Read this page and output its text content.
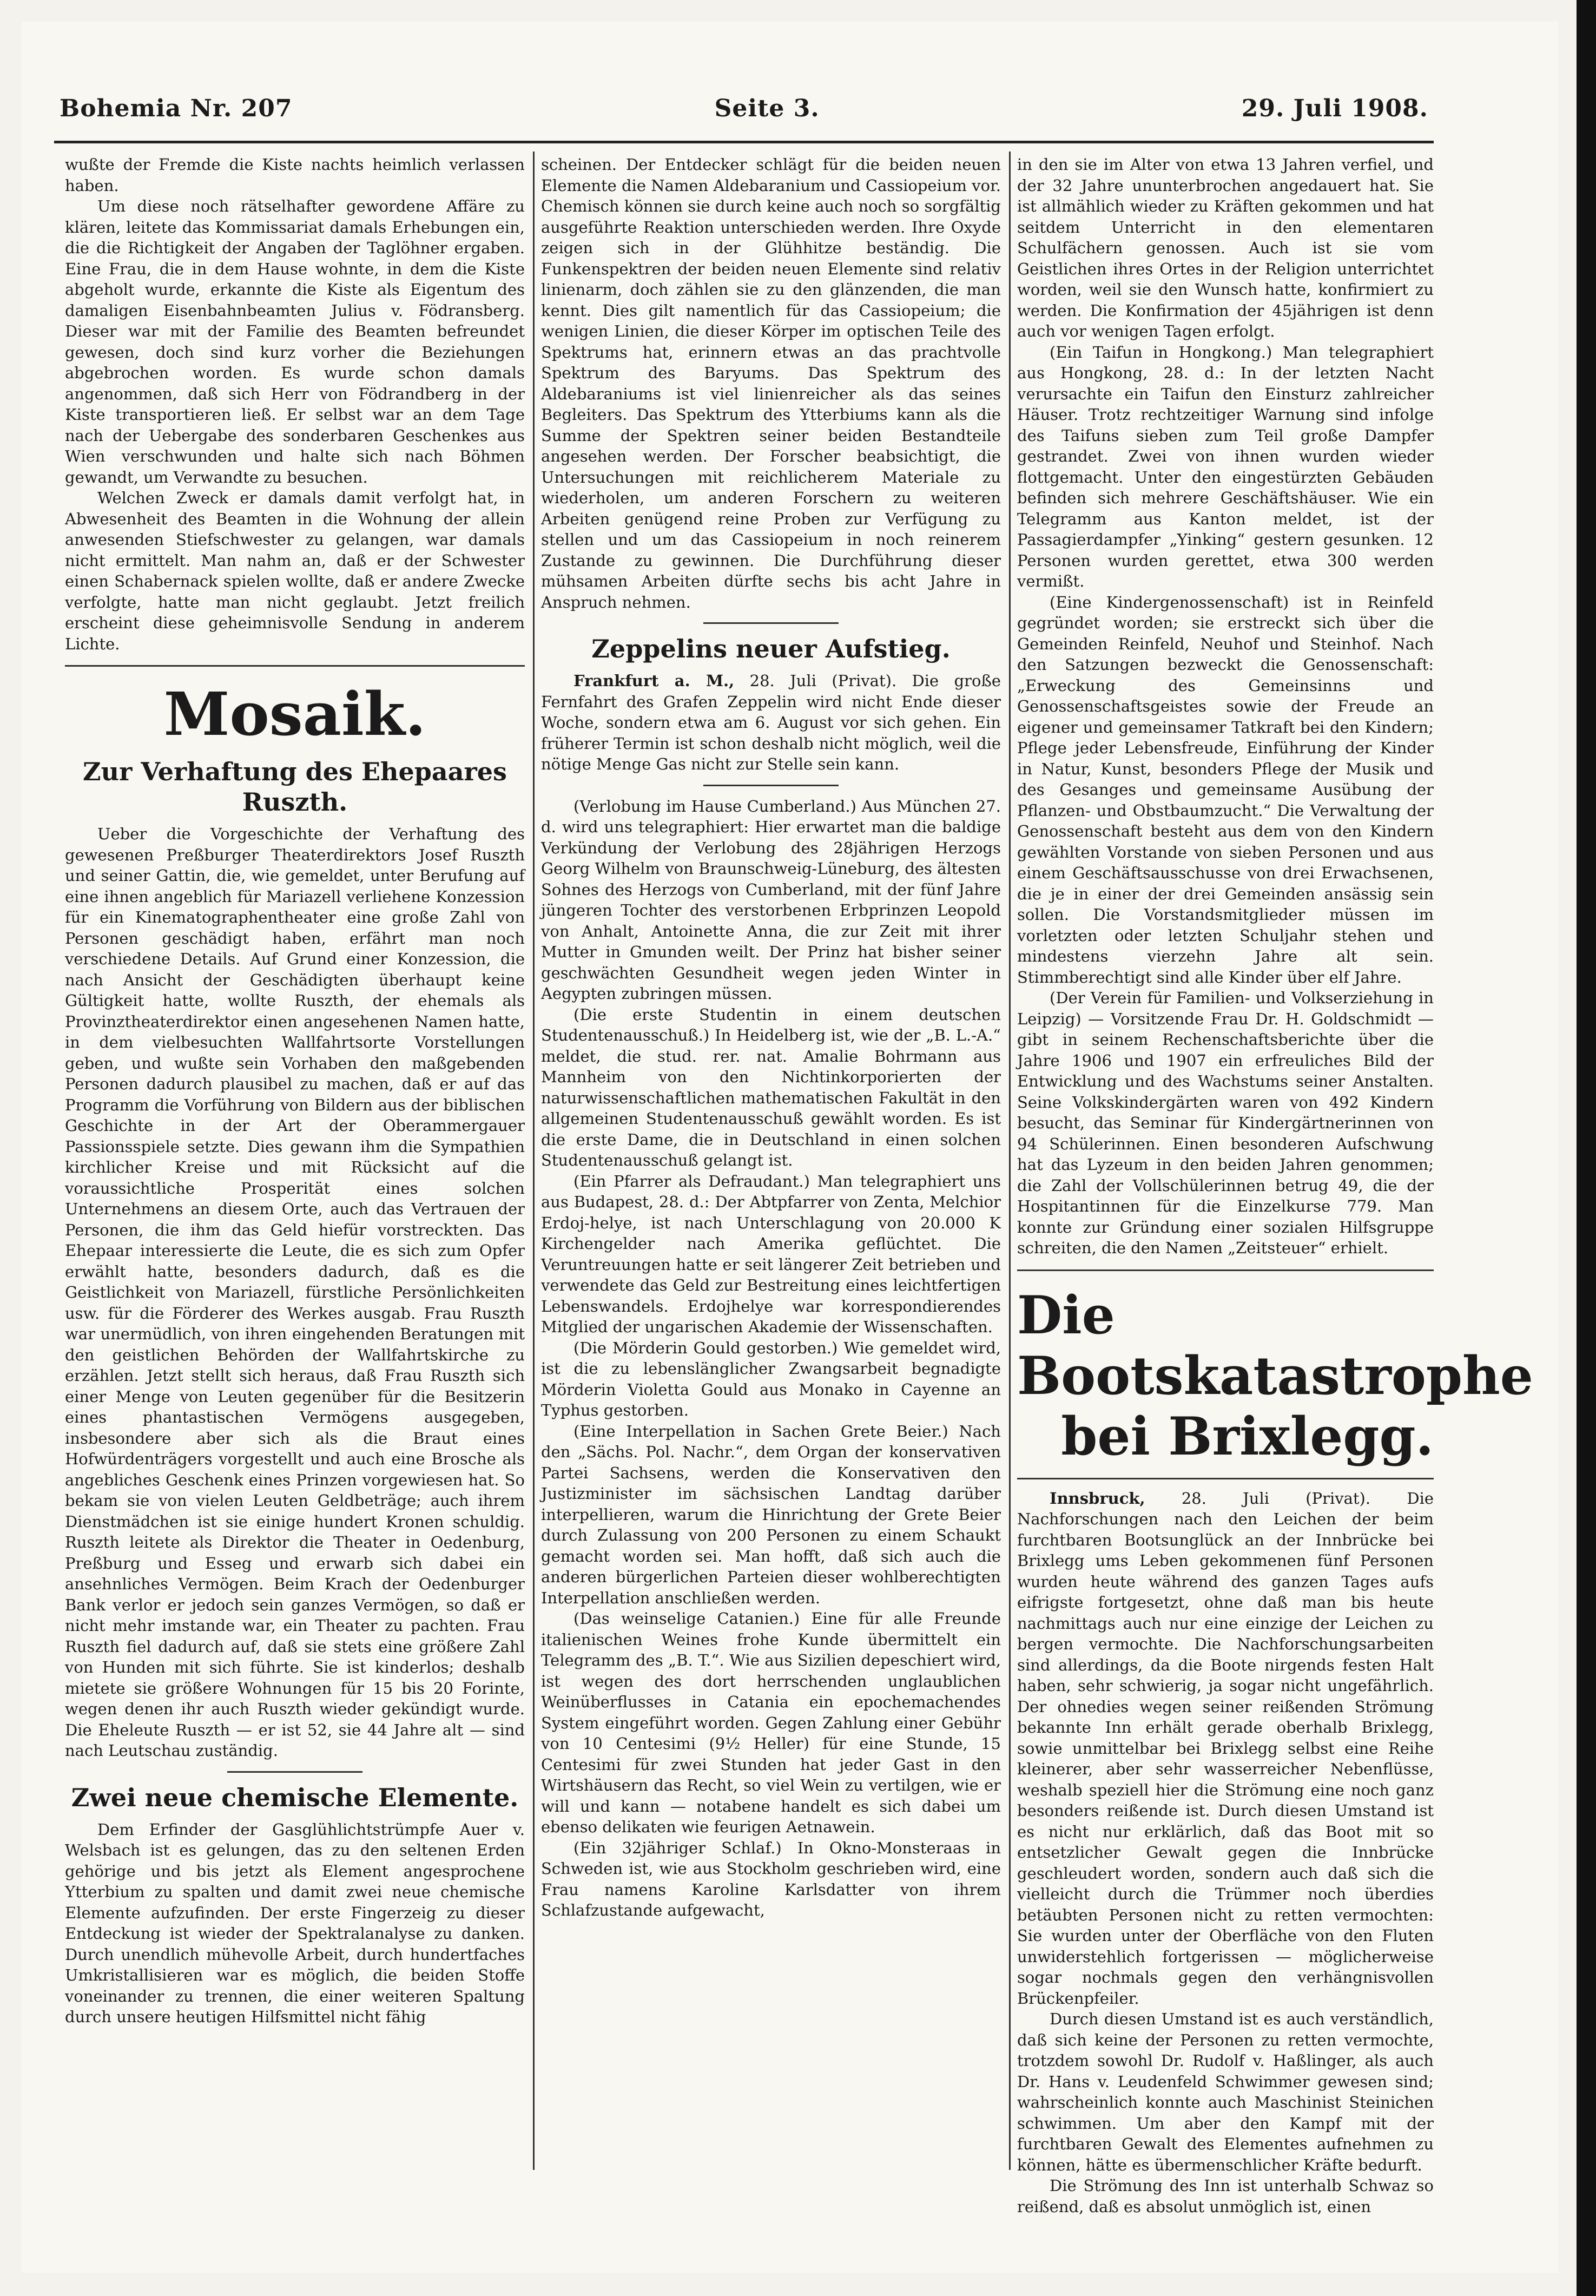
Bohemia Nr. 207	Seite 3.	29. Juli 1908.

wußte der Fremde die Kiste nachts heimlich verlassen haben.

Um diese noch rätselhafter gewordene Affäre zu klären, leitete das Kommissariat damals Erhebungen ein, die die Richtigkeit der Angaben der Taglöhner ergaben. Eine Frau, die in dem Hause wohnte, in dem die Kiste abgeholt wurde, erkannte die Kiste als Eigentum des damaligen Eisenbahnbeamten Julius v. Födransberg. Dieser war mit der Familie des Beamten befreundet gewesen, doch sind kurz vorher die Beziehungen abgebrochen worden. Es wurde schon damals angenommen, daß sich Herr von Födrandberg in der Kiste transportieren ließ. Er selbst war an dem Tage nach der Uebergabe des sonderbaren Geschenkes aus Wien verschwunden und halte sich nach Böhmen gewandt, um Verwandte zu besuchen.

Welchen Zweck er damals damit verfolgt hat, in Abwesenheit des Beamten in die Wohnung der allein anwesenden Stiefschwester zu gelangen, war damals nicht ermittelt. Man nahm an, daß er der Schwester einen Schabernack spielen wollte, daß er andere Zwecke verfolgte, hatte man nicht geglaubt. Jetzt freilich erscheint diese geheimnisvolle Sendung in anderem Lichte.

Mosaik.
Zur Verhaftung des Ehepaares Ruszth.

Ueber die Vorgeschichte der Verhaftung des gewesenen Preßburger Theaterdirektors Josef Ruszth und seiner Gattin, die, wie gemeldet, unter Berufung auf eine ihnen angeblich für Mariazell verliehene Konzession für ein Kinematographentheater eine große Zahl von Personen geschädigt haben, erfährt man noch verschiedene Details. Auf Grund einer Konzession, die nach Ansicht der Geschädigten überhaupt keine Gültigkeit hatte, wollte Ruszth, der ehemals als Provinztheaterdirektor einen angesehenen Namen hatte, in dem vielbesuchten Wallfahrtsorte Vorstellungen geben, und wußte sein Vorhaben den maßgebenden Personen dadurch plausibel zu machen, daß er auf das Programm die Vorführung von Bildern aus der biblischen Geschichte in der Art der Oberammergauer Passionsspiele setzte. Dies gewann ihm die Sympathien kirchlicher Kreise und mit Rücksicht auf die voraussichtliche Prosperität eines solchen Unternehmens an diesem Orte, auch das Vertrauen der Personen, die ihm das Geld hiefür vorstreckten. Das Ehepaar interessierte die Leute, die es sich zum Opfer erwählt hatte, besonders dadurch, daß es die Geistlichkeit von Mariazell, fürstliche Persönlichkeiten usw. für die Förderer des Werkes ausgab. Frau Ruszth war unermüdlich, von ihren eingehenden Beratungen mit den geistlichen Behörden der Wallfahrtskirche zu erzählen. Jetzt stellt sich heraus, daß Frau Ruszth sich einer Menge von Leuten gegenüber für die Besitzerin eines phantastischen Vermögens ausgegeben, insbesondere aber sich als die Braut eines Hofwürdenträgers vorgestellt und auch eine Brosche als angebliches Geschenk eines Prinzen vorgewiesen hat. So bekam sie von vielen Leuten Geldbeträge; auch ihrem Dienstmädchen ist sie einige hundert Kronen schuldig. Ruszth leitete als Direktor die Theater in Oedenburg, Preßburg und Esseg und erwarb sich dabei ein ansehnliches Vermögen. Beim Krach der Oedenburger Bank verlor er jedoch sein ganzes Vermögen, so daß er nicht mehr imstande war, ein Theater zu pachten. Frau Ruszth fiel dadurch auf, daß sie stets eine größere Zahl von Hunden mit sich führte. Sie ist kinderlos; deshalb mietete sie größere Wohnungen für 15 bis 20 Forinte, wegen denen ihr auch Ruszth wieder gekündigt wurde. Die Eheleute Ruszth — er ist 52, sie 44 Jahre alt — sind nach Leutschau zuständig.

Zwei neue chemische Elemente.

Dem Erfinder der Gasglühlichtstrümpfe Auer v. Welsbach ist es gelungen, das zu den seltenen Erden gehörige und bis jetzt als Element angesprochene Ytterbium zu spalten und damit zwei neue chemische Elemente aufzufinden. Der erste Fingerzeig zu dieser Entdeckung ist wieder der Spektralanalyse zu danken. Durch unendlich mühevolle Arbeit, durch hundertfaches Umkristallisieren war es möglich, die beiden Stoffe voneinander zu trennen, die einer weiteren Spaltung durch unsere heutigen Hilfsmittel nicht fähig

scheinen. Der Entdecker schlägt für die beiden neuen Elemente die Namen Aldebaranium und Cassiopeium vor. Chemisch können sie durch keine auch noch so sorgfältig ausgeführte Reaktion unterschieden werden. Ihre Oxyde zeigen sich in der Glühhitze beständig. Die Funkenspektren der beiden neuen Elemente sind relativ linienarm, doch zählen sie zu den glänzenden, die man kennt. Dies gilt namentlich für das Cassiopeium; die wenigen Linien, die dieser Körper im optischen Teile des Spektrums hat, erinnern etwas an das prachtvolle Spektrum des Baryums. Das Spektrum des Aldebaraniums ist viel linienreicher als das seines Begleiters. Das Spektrum des Ytterbiums kann als die Summe der Spektren seiner beiden Bestandteile angesehen werden. Der Forscher beabsichtigt, die Untersuchungen mit reichlicherem Materiale zu wiederholen, um anderen Forschern zu weiteren Arbeiten genügend reine Proben zur Verfügung zu stellen und um das Cassiopeium in noch reinerem Zustande zu gewinnen. Die Durchführung dieser mühsamen Arbeiten dürfte sechs bis acht Jahre in Anspruch nehmen.

Zeppelins neuer Aufstieg.

Frankfurt a. M., 28. Juli (Privat). Die große Fernfahrt des Grafen Zeppelin wird nicht Ende dieser Woche, sondern etwa am 6. August vor sich gehen. Ein früherer Termin ist schon deshalb nicht möglich, weil die nötige Menge Gas nicht zur Stelle sein kann.

(Verlobung im Hause Cumberland.) Aus München 27. d. wird uns telegraphiert: Hier erwartet man die baldige Verkündung der Verlobung des 28jährigen Herzogs Georg Wilhelm von Braunschweig-Lüneburg, des ältesten Sohnes des Herzogs von Cumberland, mit der fünf Jahre jüngeren Tochter des verstorbenen Erbprinzen Leopold von Anhalt, Antoinette Anna, die zur Zeit mit ihrer Mutter in Gmunden weilt. Der Prinz hat bisher seiner geschwächten Gesundheit wegen jeden Winter in Aegypten zubringen müssen.

(Die erste Studentin in einem deutschen Studentenausschuß.) In Heidelberg ist, wie der „B. L.-A.“ meldet, die stud. rer. nat. Amalie Bohrmann aus Mannheim von den Nichtinkorporierten der naturwissenschaftlichen mathematischen Fakultät in den allgemeinen Studentenausschuß gewählt worden. Es ist die erste Dame, die in Deutschland in einen solchen Studentenausschuß gelangt ist.

(Ein Pfarrer als Defraudant.) Man telegraphiert uns aus Budapest, 28. d.: Der Abtpfarrer von Zenta, Melchior Erdoj-helye, ist nach Unterschlagung von 20.000 K Kirchengelder nach Amerika geflüchtet. Die Veruntreuungen hatte er seit längerer Zeit betrieben und verwendete das Geld zur Bestreitung eines leichtfertigen Lebenswandels. Erdojhelye war korrespondierendes Mitglied der ungarischen Akademie der Wissenschaften.

(Die Mörderin Gould gestorben.) Wie gemeldet wird, ist die zu lebenslänglicher Zwangsarbeit begnadigte Mörderin Violetta Gould aus Monako in Cayenne an Typhus gestorben.

(Eine Interpellation in Sachen Grete Beier.) Nach den „Sächs. Pol. Nachr.“, dem Organ der konservativen Partei Sachsens, werden die Konservativen den Justizminister im sächsischen Landtag darüber interpellieren, warum die Hinrichtung der Grete Beier durch Zulassung von 200 Personen zu einem Schaukt gemacht worden sei. Man hofft, daß sich auch die anderen bürgerlichen Parteien dieser wohlberechtigten Interpellation anschließen werden.

(Das weinselige Catanien.) Eine für alle Freunde italienischen Weines frohe Kunde übermittelt ein Telegramm des „B. T.“. Wie aus Sizilien depeschiert wird, ist wegen des dort herrschenden unglaublichen Weinüberflusses in Catania ein epochemachendes System eingeführt worden. Gegen Zahlung einer Gebühr von 10 Centesimi (9½ Heller) für eine Stunde, 15 Centesimi für zwei Stunden hat jeder Gast in den Wirtshäusern das Recht, so viel Wein zu vertilgen, wie er will und kann — notabene handelt es sich dabei um ebenso delikaten wie feurigen Aetnawein.

(Ein 32jähriger Schlaf.) In Okno-Monsteraas in Schweden ist, wie aus Stockholm geschrieben wird, eine Frau namens Karoline Karlsdatter von ihrem Schlafzustande aufgewacht,

in den sie im Alter von etwa 13 Jahren verfiel, und der 32 Jahre ununterbrochen angedauert hat. Sie ist allmählich wieder zu Kräften gekommen und hat seitdem Unterricht in den elementaren Schulfächern genossen. Auch ist sie vom Geistlichen ihres Ortes in der Religion unterrichtet worden, weil sie den Wunsch hatte, konfirmiert zu werden. Die Konfirmation der 45jährigen ist denn auch vor wenigen Tagen erfolgt.

(Ein Taifun in Hongkong.) Man telegraphiert aus Hongkong, 28. d.: In der letzten Nacht verursachte ein Taifun den Einsturz zahlreicher Häuser. Trotz rechtzeitiger Warnung sind infolge des Taifuns sieben zum Teil große Dampfer gestrandet. Zwei von ihnen wurden wieder flottgemacht. Unter den eingestürzten Gebäuden befinden sich mehrere Geschäftshäuser. Wie ein Telegramm aus Kanton meldet, ist der Passagierdampfer „Yinking“ gestern gesunken. 12 Personen wurden gerettet, etwa 300 werden vermißt.

(Eine Kindergenossenschaft) ist in Reinfeld gegründet worden; sie erstreckt sich über die Gemeinden Reinfeld, Neuhof und Steinhof. Nach den Satzungen bezweckt die Genossenschaft: „Erweckung des Gemeinsinns und Genossenschaftsgeistes sowie der Freude an eigener und gemeinsamer Tatkraft bei den Kindern; Pflege jeder Lebensfreude, Einführung der Kinder in Natur, Kunst, besonders Pflege der Musik und des Gesanges und gemeinsame Ausübung der Pflanzen- und Obstbaumzucht.“ Die Verwaltung der Genossenschaft besteht aus dem von den Kindern gewählten Vorstande von sieben Personen und aus einem Geschäftsausschusse von drei Erwachsenen, die je in einer der drei Gemeinden ansässig sein sollen. Die Vorstandsmitglieder müssen im vorletzten oder letzten Schuljahr stehen und mindestens vierzehn Jahre alt sein. Stimmberechtigt sind alle Kinder über elf Jahre.

(Der Verein für Familien- und Volkserziehung in Leipzig) — Vorsitzende Frau Dr. H. Goldschmidt — gibt in seinem Rechenschaftsberichte über die Jahre 1906 und 1907 ein erfreuliches Bild der Entwicklung und des Wachstums seiner Anstalten. Seine Volkskindergärten waren von 492 Kindern besucht, das Seminar für Kindergärtnerinnen von 94 Schülerinnen. Einen besonderen Aufschwung hat das Lyzeum in den beiden Jahren genommen; die Zahl der Vollschülerinnen betrug 49, die der Hospitantinnen für die Einzelkurse 779. Man konnte zur Gründung einer sozialen Hilfsgruppe schreiten, die den Namen „Zeitsteuer“ erhielt.

Die Bootskatastrophe
bei Brixlegg.

Innsbruck, 28. Juli (Privat). Die Nachforschungen nach den Leichen der beim furchtbaren Bootsunglück an der Innbrücke bei Brixlegg ums Leben gekommenen fünf Personen wurden heute während des ganzen Tages aufs eifrigste fortgesetzt, ohne daß man bis heute nachmittags auch nur eine einzige der Leichen zu bergen vermochte. Die Nachforschungsarbeiten sind allerdings, da die Boote nirgends festen Halt haben, sehr schwierig, ja sogar nicht ungefährlich. Der ohnedies wegen seiner reißenden Strömung bekannte Inn erhält gerade oberhalb Brixlegg, sowie unmittelbar bei Brixlegg selbst eine Reihe kleinerer, aber sehr wasserreicher Nebenflüsse, weshalb speziell hier die Strömung eine noch ganz besonders reißende ist. Durch diesen Umstand ist es nicht nur erklärlich, daß das Boot mit so entsetzlicher Gewalt gegen die Innbrücke geschleudert worden, sondern auch daß sich die vielleicht durch die Trümmer noch überdies betäubten Personen nicht zu retten vermochten: Sie wurden unter der Oberfläche von den Fluten unwiderstehlich fortgerissen — möglicherweise sogar nochmals gegen den verhängnisvollen Brückenpfeiler.

Durch diesen Umstand ist es auch verständlich, daß sich keine der Personen zu retten vermochte, trotzdem sowohl Dr. Rudolf v. Haßlinger, als auch Dr. Hans v. Leudenfeld Schwimmer gewesen sind; wahrscheinlich konnte auch Maschinist Steinichen schwimmen. Um aber den Kampf mit der furchtbaren Gewalt des Elementes aufnehmen zu können, hätte es übermenschlicher Kräfte bedurft.

Die Strömung des Inn ist unterhalb Schwaz so reißend, daß es absolut unmöglich ist, einen
